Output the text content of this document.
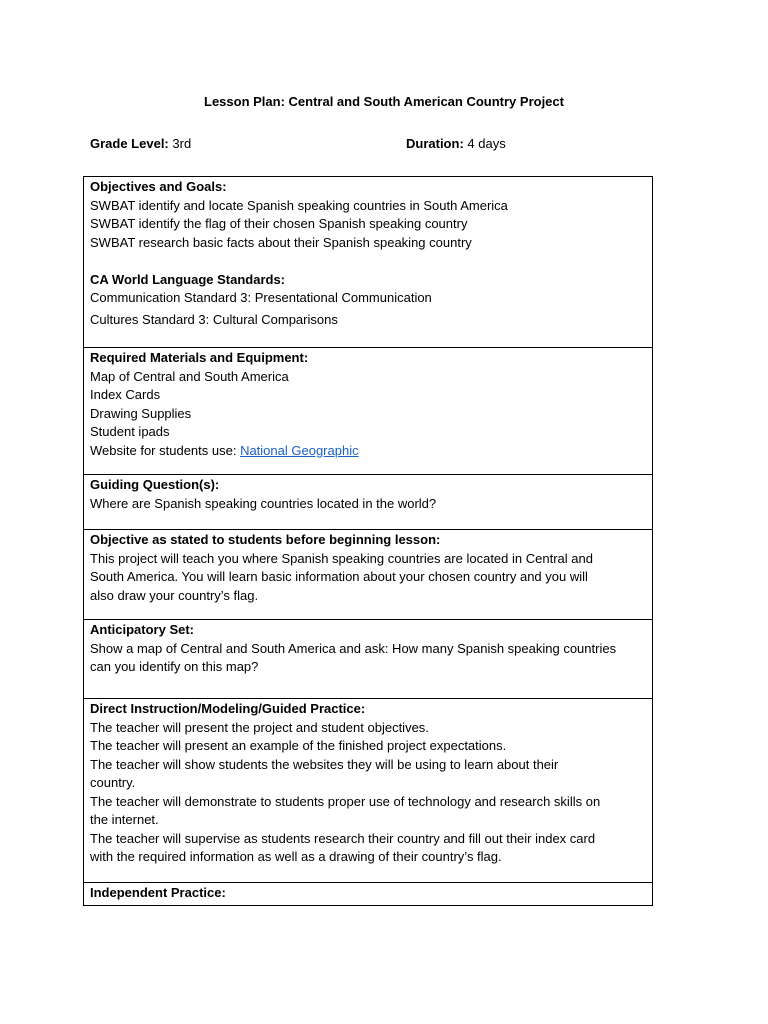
Lesson Plan: Central and South American Country Project
Grade Level: 3rd	Duration: 4 days
Objectives and Goals:
SWBAT identify and locate Spanish speaking countries in South America
SWBAT identify the flag of their chosen Spanish speaking country
SWBAT research basic facts about their Spanish speaking country
CA World Language Standards:
Communication Standard 3: Presentational Communication
Cultures Standard 3: Cultural Comparisons

Required Materials and Equipment:
Map of Central and South America
Index Cards
Drawing Supplies
Student ipads
Website for students use: National Geographic

Guiding Question(s):
Where are Spanish speaking countries located in the world?

Objective as stated to students before beginning lesson:
This project will teach you where Spanish speaking countries are located in Central and
South America. You will learn basic information about your chosen country and you will
also draw your country’s flag.

Anticipatory Set:
Show a map of Central and South America and ask: How many Spanish speaking countries
can you identify on this map?

Direct Instruction/Modeling/Guided Practice:
The teacher will present the project and student objectives.
The teacher will present an example of the finished project expectations.
The teacher will show students the websites they will be using to learn about their
country.
The teacher will demonstrate to students proper use of technology and research skills on
the internet.
The teacher will supervise as students research their country and fill out their index card
with the required information as well as a drawing of their country’s flag.

Independent Practice:
